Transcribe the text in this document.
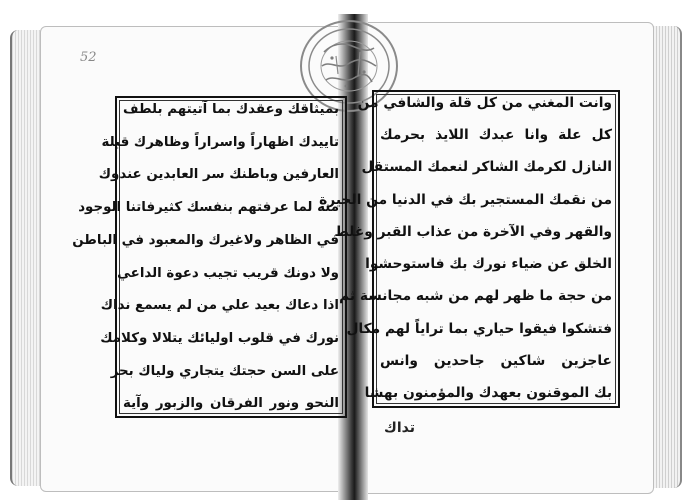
52
بميثاقك وعقدك بما آتيتهم بلطف
تاييدك اظهاراً واسراراً وظاهرك قبلة
العارفين وباطنك سر العابدين عندوك
منه لما عرفتهم بنفسك كثيرفاتنا الوجود
في الظاهر ولاغيرك والمعبود في الباطن
ولا دونك قريب تجيب دعوة الداعي
اذا دعاك بعيد علي من لم يسمع نداك
نورك في قلوب اوليائك يتلالا وكلامك
على السن حجتك يتجاري ولياك بحر
النحو ونور الفرقان والزبور وآية
وانت المغني من كل قلة والشافي من
كل علة وانا عبدك اللايذ بحرمك
النازل لكرمك الشاكر لنعمك المستقل
من نقمك المستجير بك في الدنيا من الحيرة
والقهر وفي الآخرة من عذاب القبر وغلط
الخلق عن ضياء نورك بك فاستوحشوا
من حجة ما ظهر لهم من شبه مجانسة ثم
فتشكوا فيقوا حياري بما تراياً لهم مكال
عاجزين شاكين جاحدين وانس
بك الموقنون بعهدك والمؤمنون بهشا
تداك
